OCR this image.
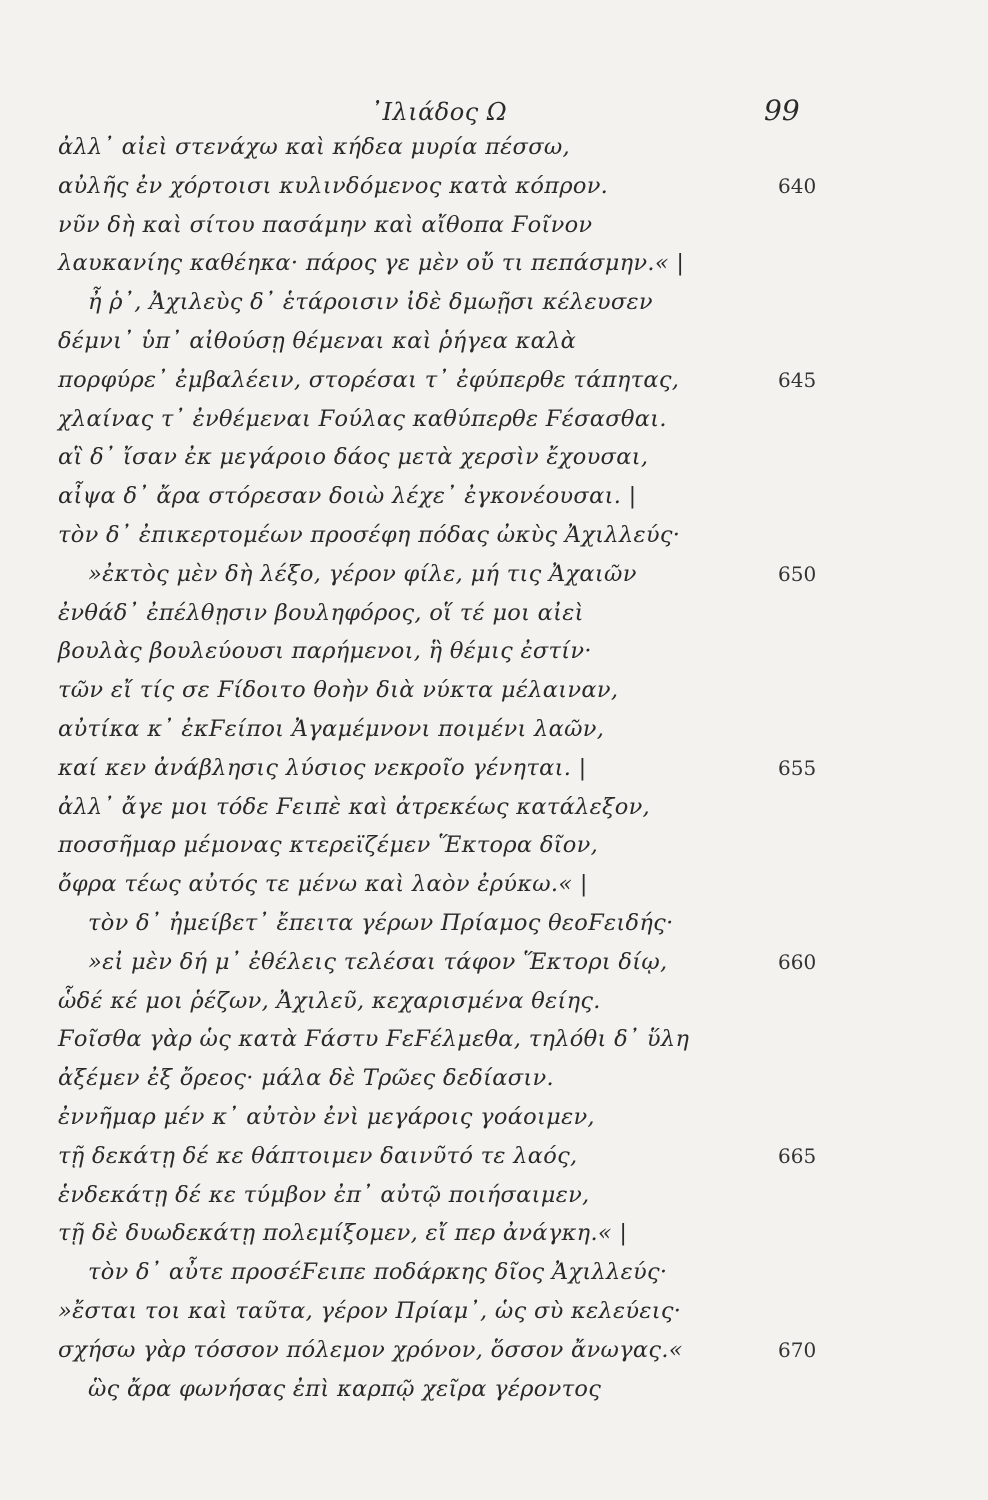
᾽Ιλιάδος Ω	99
ἀλλ᾽ αἰεὶ στενάχω καὶ κήδεα μυρία πέσσω,
αὐλῆς ἐν χόρτοισι κυλινδόμενος κατὰ κόπρον.	640
νῦν δὴ καὶ σίτου πασάμην καὶ αἴθοπα Ϝοῖνον
λαυκανίης καθέηκα· πάρος γε μὲν οὔ τι πεπάσμην.« |
ἦ ῥ᾽, Ἀχιλεὺς δ᾽ ἑτάροισιν ἰδὲ δμωῇσι κέλευσεν
δέμνι᾽ ὑπ᾽ αἰθούσῃ θέμεναι καὶ ῥήγεα καλὰ
πορφύρε᾽ ἐμβαλέειν, στορέσαι τ᾽ ἐφύπερθε τάπητας,	645
χλαίνας τ᾽ ἐνθέμεναι Ϝούλας καθύπερθε Ϝέσασθαι.
αἳ δ᾽ ἴσαν ἐκ μεγάροιο δάος μετὰ χερσὶν ἔχουσαι,
αἶψα δ᾽ ἄρα στόρεσαν δοιὼ λέχε᾽ ἐγκονέουσαι. |
τὸν δ᾽ ἐπικερτομέων προσέφη πόδας ὠκὺς Ἀχιλλεύς·
»ἐκτὸς μὲν δὴ λέξο, γέρον φίλε, μή τις Ἀχαιῶν	650
ἐνθάδ᾽ ἐπέλθῃσιν βουληφόρος, οἵ τέ μοι αἰεὶ
βουλὰς βουλεύουσι παρήμενοι, ἣ θέμις ἐστίν·
τῶν εἴ τίς σε Ϝίδοιτο θοὴν διὰ νύκτα μέλαιναν,
αὐτίκα κ᾽ ἐκϜείποι Ἀγαμέμνονι ποιμένι λαῶν,
καί κεν ἀνάβλησις λύσιος νεκροῖο γένηται. |	655
ἀλλ᾽ ἄγε μοι τόδε Ϝειπὲ καὶ ἀτρεκέως κατάλεξον,
ποσσῆμαρ μέμονας κτερεϊζέμεν Ἕκτορα δῖον,
ὄφρα τέως αὐτός τε μένω καὶ λαὸν ἐρύκω.« |
τὸν δ᾽ ἠμείβετ᾽ ἔπειτα γέρων Πρίαμος θεοϜειδής·
»εἰ μὲν δή μ᾽ ἐθέλεις τελέσαι τάφον Ἕκτορι δίῳ,	660
ὧδέ κέ μοι ῥέζων, Ἀχιλεῦ, κεχαρισμένα θείης.
Ϝοῖσθα γὰρ ὡς κατὰ Ϝάστυ ϜεϜέλμεθα, τηλόθι δ᾽ ὕλη
ἀξέμεν ἐξ ὄρεος· μάλα δὲ Τρῶες δεδίασιν.
ἐννῆμαρ μέν κ᾽ αὐτὸν ἐνὶ μεγάροις γοάοιμεν,
τῇ δεκάτῃ δέ κε θάπτοιμεν δαινῦτό τε λαός,	665
ἑνδεκάτῃ δέ κε τύμβον ἐπ᾽ αὐτῷ ποιήσαιμεν,
τῇ δὲ δυωδεκάτῃ πολεμίξομεν, εἴ περ ἀνάγκη.« |
τὸν δ᾽ αὖτε προσέϜειπε ποδάρκης δῖος Ἀχιλλεύς·
»ἔσται τοι καὶ ταῦτα, γέρον Πρίαμ᾽, ὡς σὺ κελεύεις·
σχήσω γὰρ τόσσον πόλεμον χρόνον, ὅσσον ἄνωγας.«	670
ὣς ἄρα φωνήσας ἐπὶ καρπῷ χεῖρα γέροντος
